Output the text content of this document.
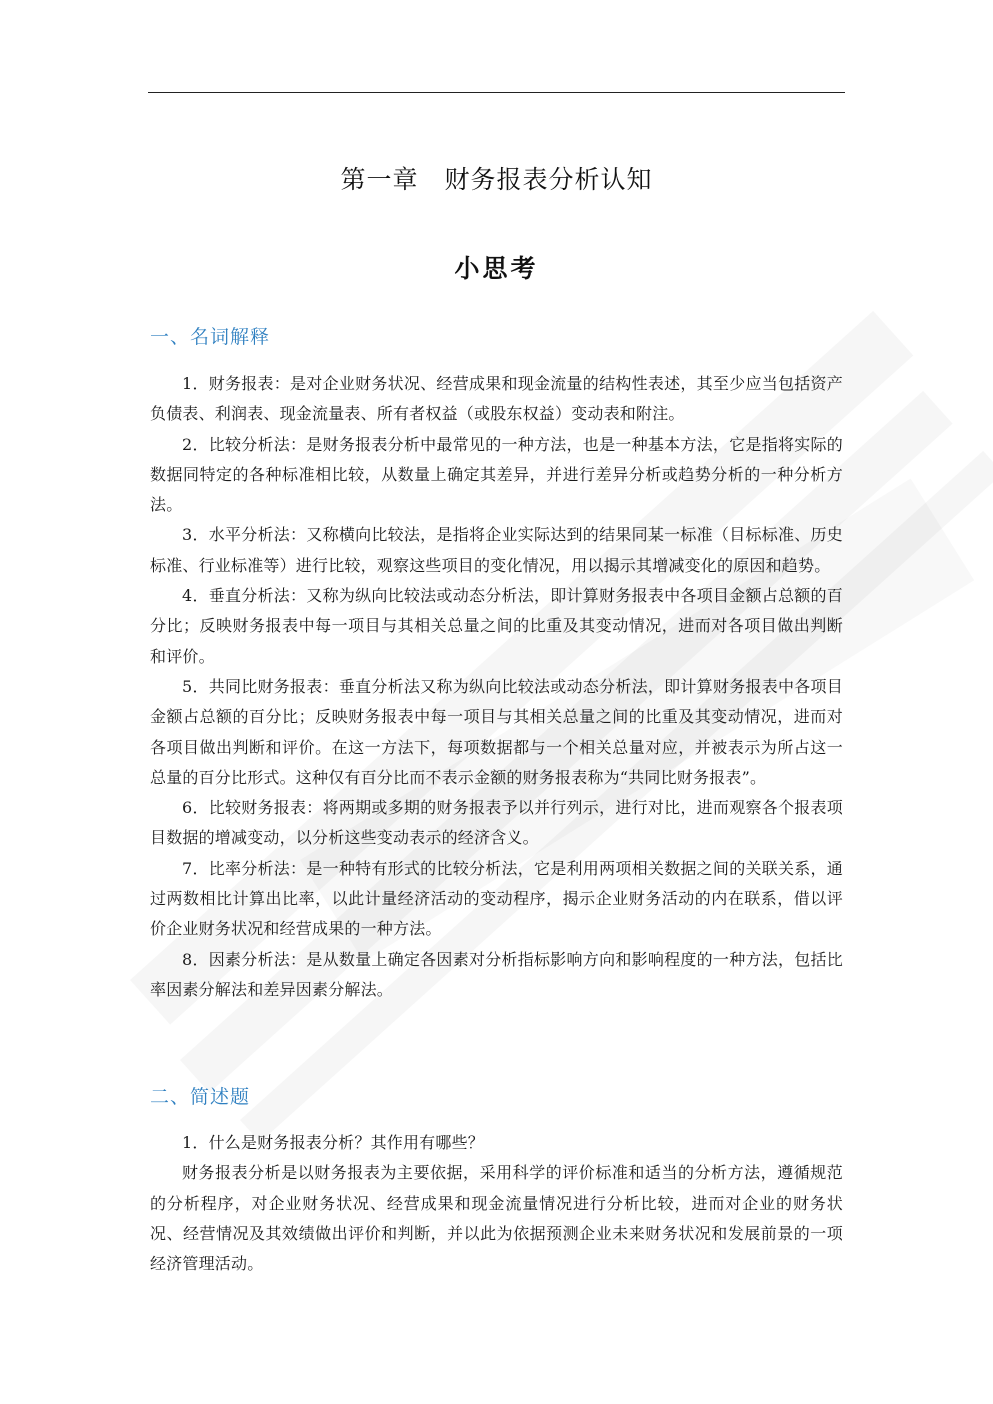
第一章　财务报表分析认知
小思考
一、名词解释

1．财务报表：是对企业财务状况、经营成果和现金流量的结构性表述，其至少应当包括资产负债表、利润表、现金流量表、所有者权益（或股东权益）变动表和附注。

2．比较分析法：是财务报表分析中最常见的一种方法，也是一种基本方法，它是指将实际的数据同特定的各种标准相比较，从数量上确定其差异，并进行差异分析或趋势分析的一种分析方法。

3．水平分析法：又称横向比较法，是指将企业实际达到的结果同某一标准（目标标准、历史标准、行业标准等）进行比较，观察这些项目的变化情况，用以揭示其增减变化的原因和趋势。

4．垂直分析法：又称为纵向比较法或动态分析法，即计算财务报表中各项目金额占总额的百分比；反映财务报表中每一项目与其相关总量之间的比重及其变动情况，进而对各项目做出判断和评价。

5．共同比财务报表：垂直分析法又称为纵向比较法或动态分析法，即计算财务报表中各项目金额占总额的百分比；反映财务报表中每一项目与其相关总量之间的比重及其变动情况，进而对各项目做出判断和评价。在这一方法下，每项数据都与一个相关总量对应，并被表示为所占这一总量的百分比形式。这种仅有百分比而不表示金额的财务报表称为“共同比财务报表”。

6．比较财务报表：将两期或多期的财务报表予以并行列示，进行对比，进而观察各个报表项目数据的增减变动，以分析这些变动表示的经济含义。

7．比率分析法：是一种特有形式的比较分析法，它是利用两项相关数据之间的关联关系，通过两数相比计算出比率，以此计量经济活动的变动程序，揭示企业财务活动的内在联系，借以评价企业财务状况和经营成果的一种方法。

8．因素分析法：是从数量上确定各因素对分析指标影响方向和影响程度的一种方法，包括比率因素分解法和差异因素分解法。

二、简述题

1．什么是财务报表分析？其作用有哪些？

财务报表分析是以财务报表为主要依据，采用科学的评价标准和适当的分析方法，遵循规范的分析程序，对企业财务状况、经营成果和现金流量情况进行分析比较，进而对企业的财务状况、经营情况及其效绩做出评价和判断，并以此为依据预测企业未来财务状况和发展前景的一项经济管理活动。
